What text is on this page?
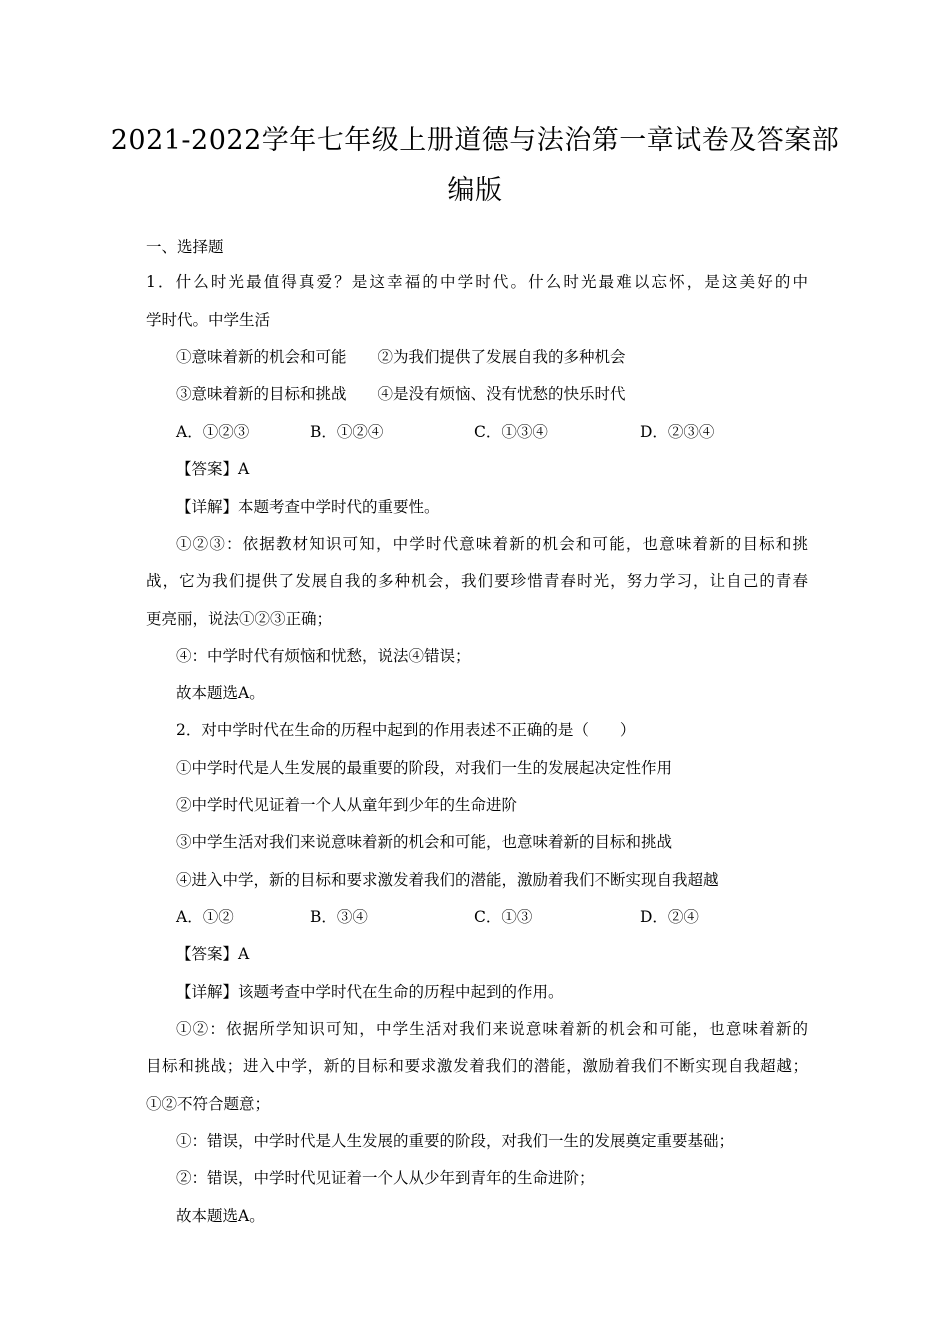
2021-2022学年七年级上册道德与法治第一章试卷及答案部
编版
一、选择题
1．什么时光最值得真爱？是这幸福的中学时代。什么时光最难以忘怀，是这美好的中
学时代。中学生活
①意味着新的机会和可能　　②为我们提供了发展自我的多种机会
③意味着新的目标和挑战　　④是没有烦恼、没有忧愁的快乐时代
A．①②③	B．①②④	C．①③④	D．②③④
【答案】A
【详解】本题考查中学时代的重要性。
①②③：依据教材知识可知，中学时代意味着新的机会和可能，也意味着新的目标和挑
战，它为我们提供了发展自我的多种机会，我们要珍惜青春时光，努力学习，让自己的青春
更亮丽，说法①②③正确；
④：中学时代有烦恼和忧愁，说法④错误；
故本题选A。
2．对中学时代在生命的历程中起到的作用表述不正确的是（　　）
①中学时代是人生发展的最重要的阶段，对我们一生的发展起决定性作用
②中学时代见证着一个人从童年到少年的生命进阶
③中学生活对我们来说意味着新的机会和可能，也意味着新的目标和挑战
④进入中学，新的目标和要求激发着我们的潜能，激励着我们不断实现自我超越
A．①②	B．③④	C．①③	D．②④
【答案】A
【详解】该题考查中学时代在生命的历程中起到的作用。
①②：依据所学知识可知，中学生活对我们来说意味着新的机会和可能，也意味着新的
目标和挑战；进入中学，新的目标和要求激发着我们的潜能，激励着我们不断实现自我超越；
①②不符合题意；
①：错误，中学时代是人生发展的重要的阶段，对我们一生的发展奠定重要基础；
②：错误，中学时代见证着一个人从少年到青年的生命进阶；
故本题选A。
